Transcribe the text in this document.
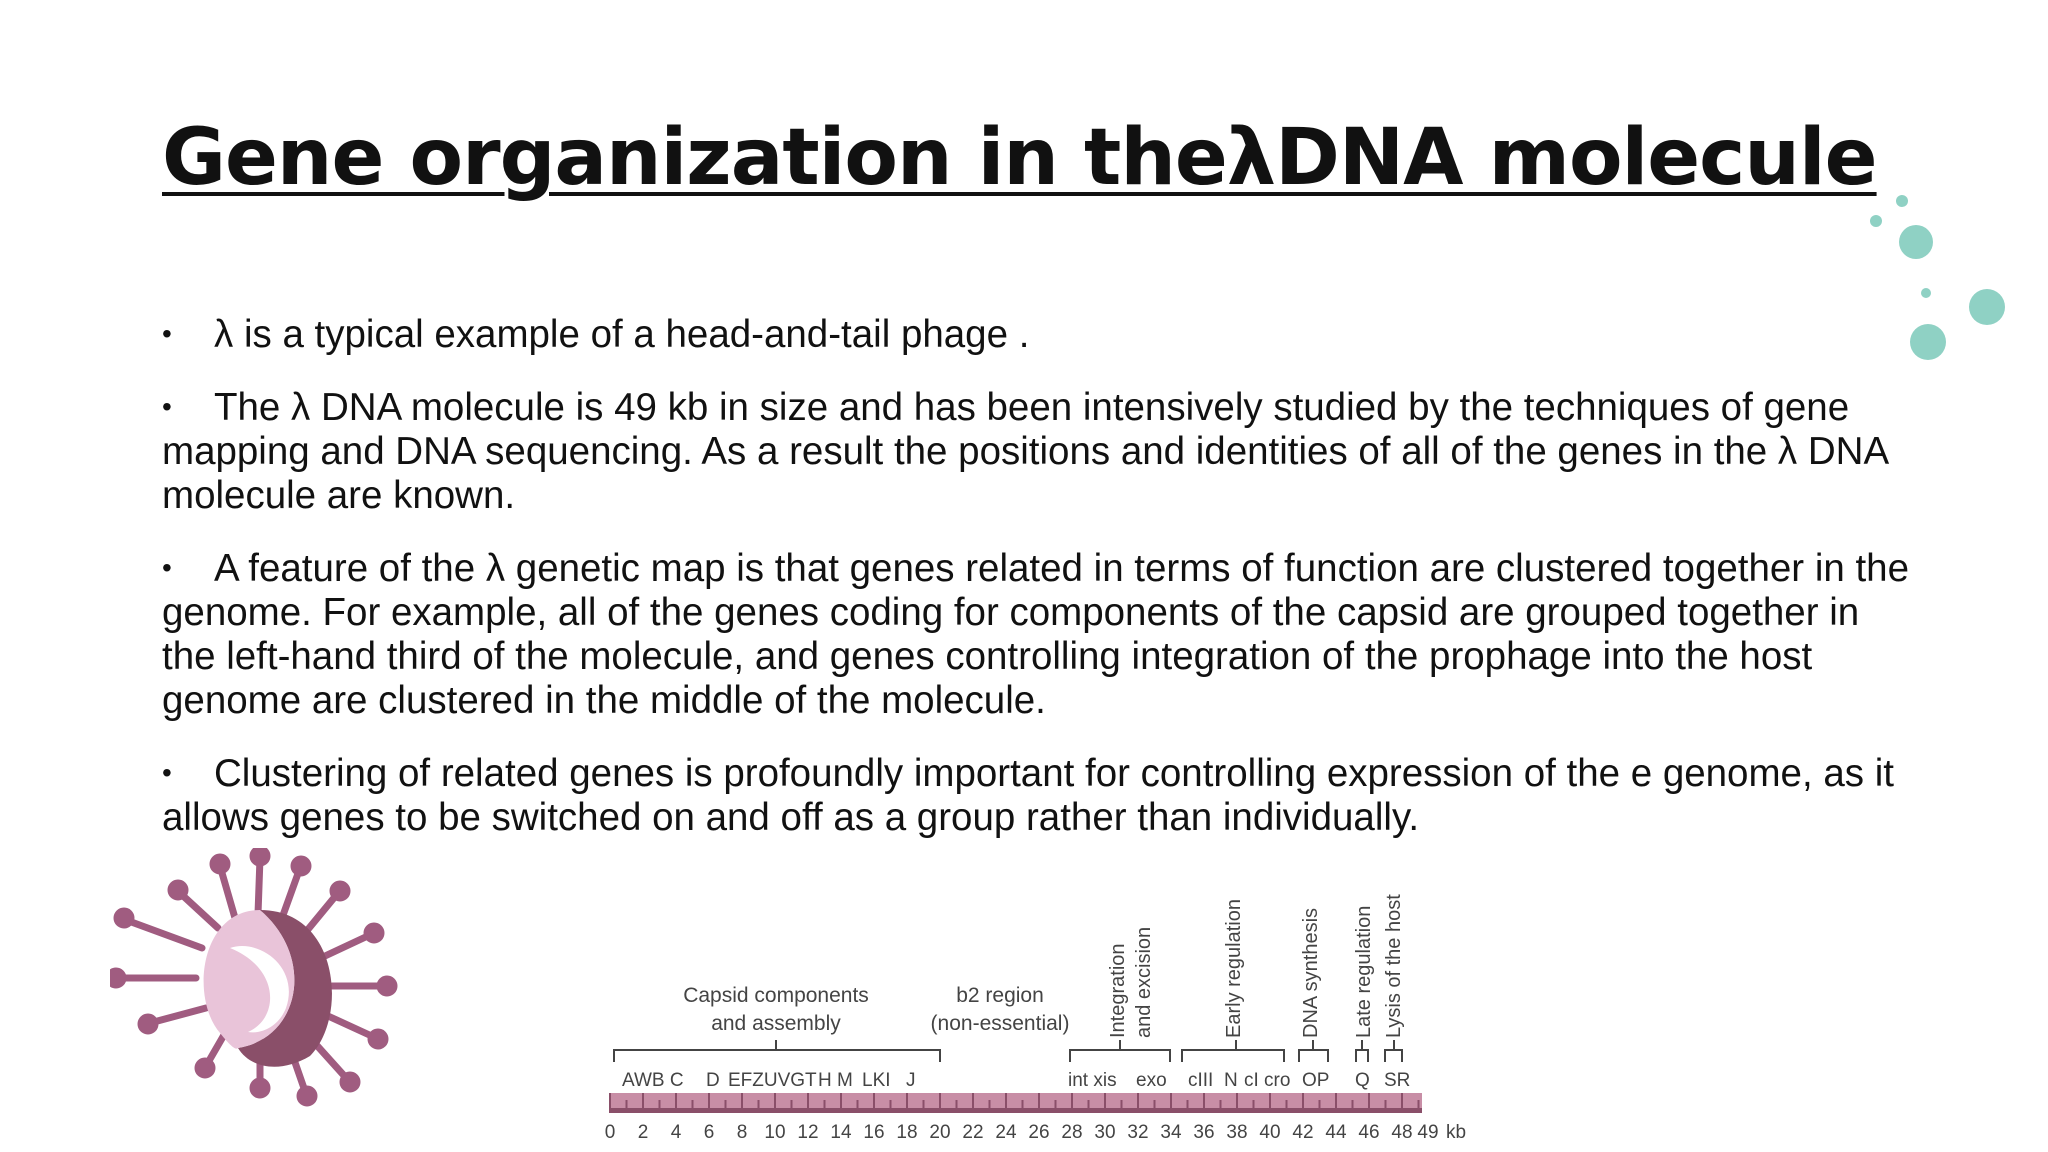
Gene organization in theλDNA molecule
• λ is a typical example of a head-and-tail phage .
• The λ DNA molecule is 49 kb in size and has been intensively studied by the techniques of gene mapping and DNA sequencing. As a result the positions and identities of all of the genes in the λ DNA molecule are known.
• A feature of the λ genetic map is that genes related in terms of function are clustered together in the genome. For example, all of the genes coding for components of the capsid are grouped together in the left-hand third of the molecule, and genes controlling integration of the prophage into the host genome are clustered in the middle of the molecule.
• Clustering of related genes is profoundly important for controlling expression of the e genome, as it allows genes to be switched on and off as a group rather than individually.
Capsid components
and assembly
b2 region
(non-essential) Integration and excision	Early regulation	DNA synthesis Late regulation Lysis of the host
AWB C D EFZUVGT H M LKI J	int xis exo cIII N cI cro OP Q SR
0 2 4 6 8 10 12 14 16 18 20 22 24 26 28 30 32 34 36 38 40 42 44 46 48 49 kb
